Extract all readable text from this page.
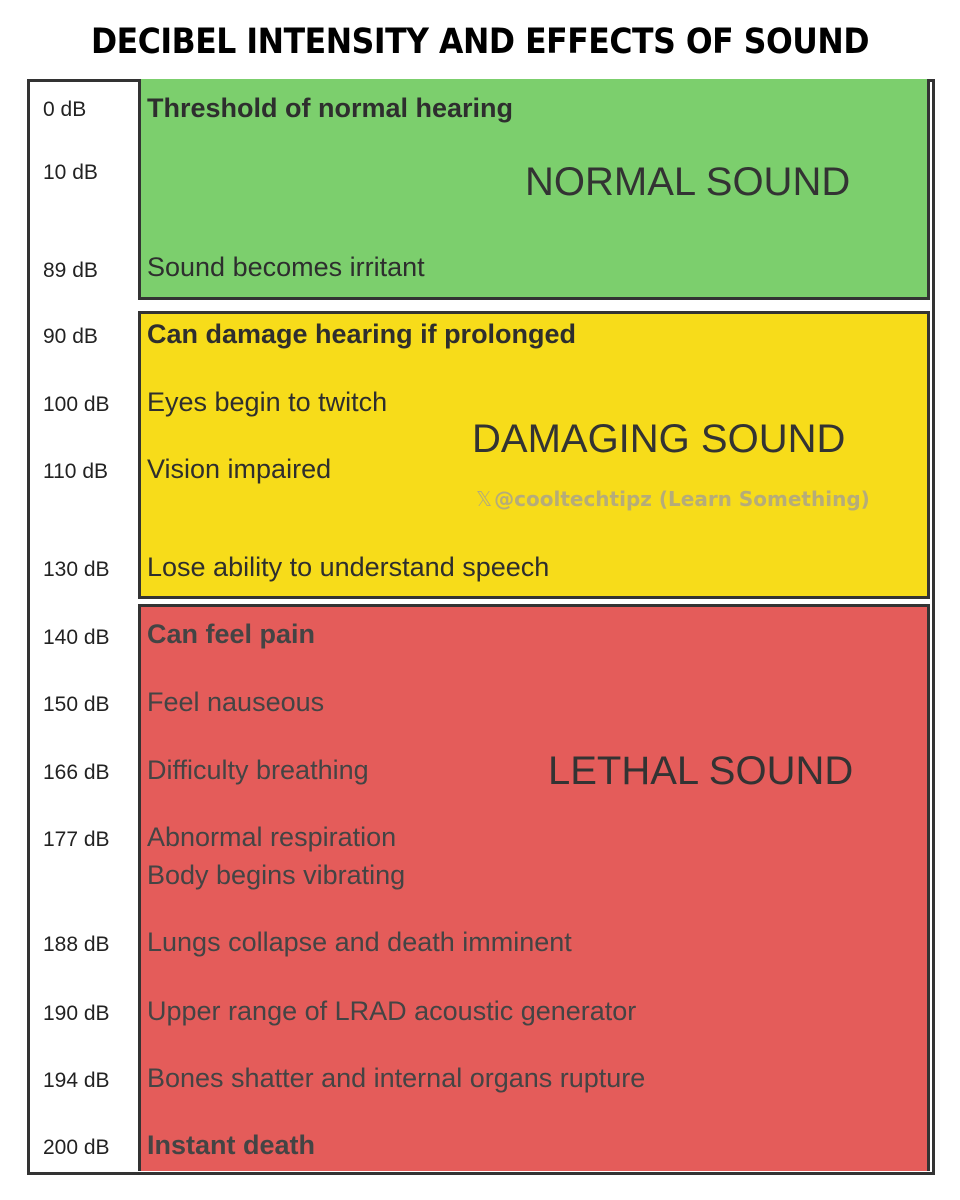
DECIBEL INTENSITY AND EFFECTS OF SOUND
0 dB
10 dB
89 dB
90 dB
100 dB
110 dB
130 dB
140 dB
150 dB
166 dB
177 dB
188 dB
190 dB
194 dB
200 dB
Threshold of normal hearing
Sound becomes irritant
Can damage hearing if prolonged
Eyes begin to twitch
Vision impaired
Lose ability to understand speech
Can feel pain
Feel nauseous
Difficulty breathing
Abnormal respiration
Body begins vibrating
Lungs collapse and death imminent
Upper range of LRAD acoustic generator
Bones shatter and internal organs rupture
Instant death
NORMAL SOUND
DAMAGING SOUND
LETHAL SOUND
𝕏 @cooltechtipz (Learn Something)
